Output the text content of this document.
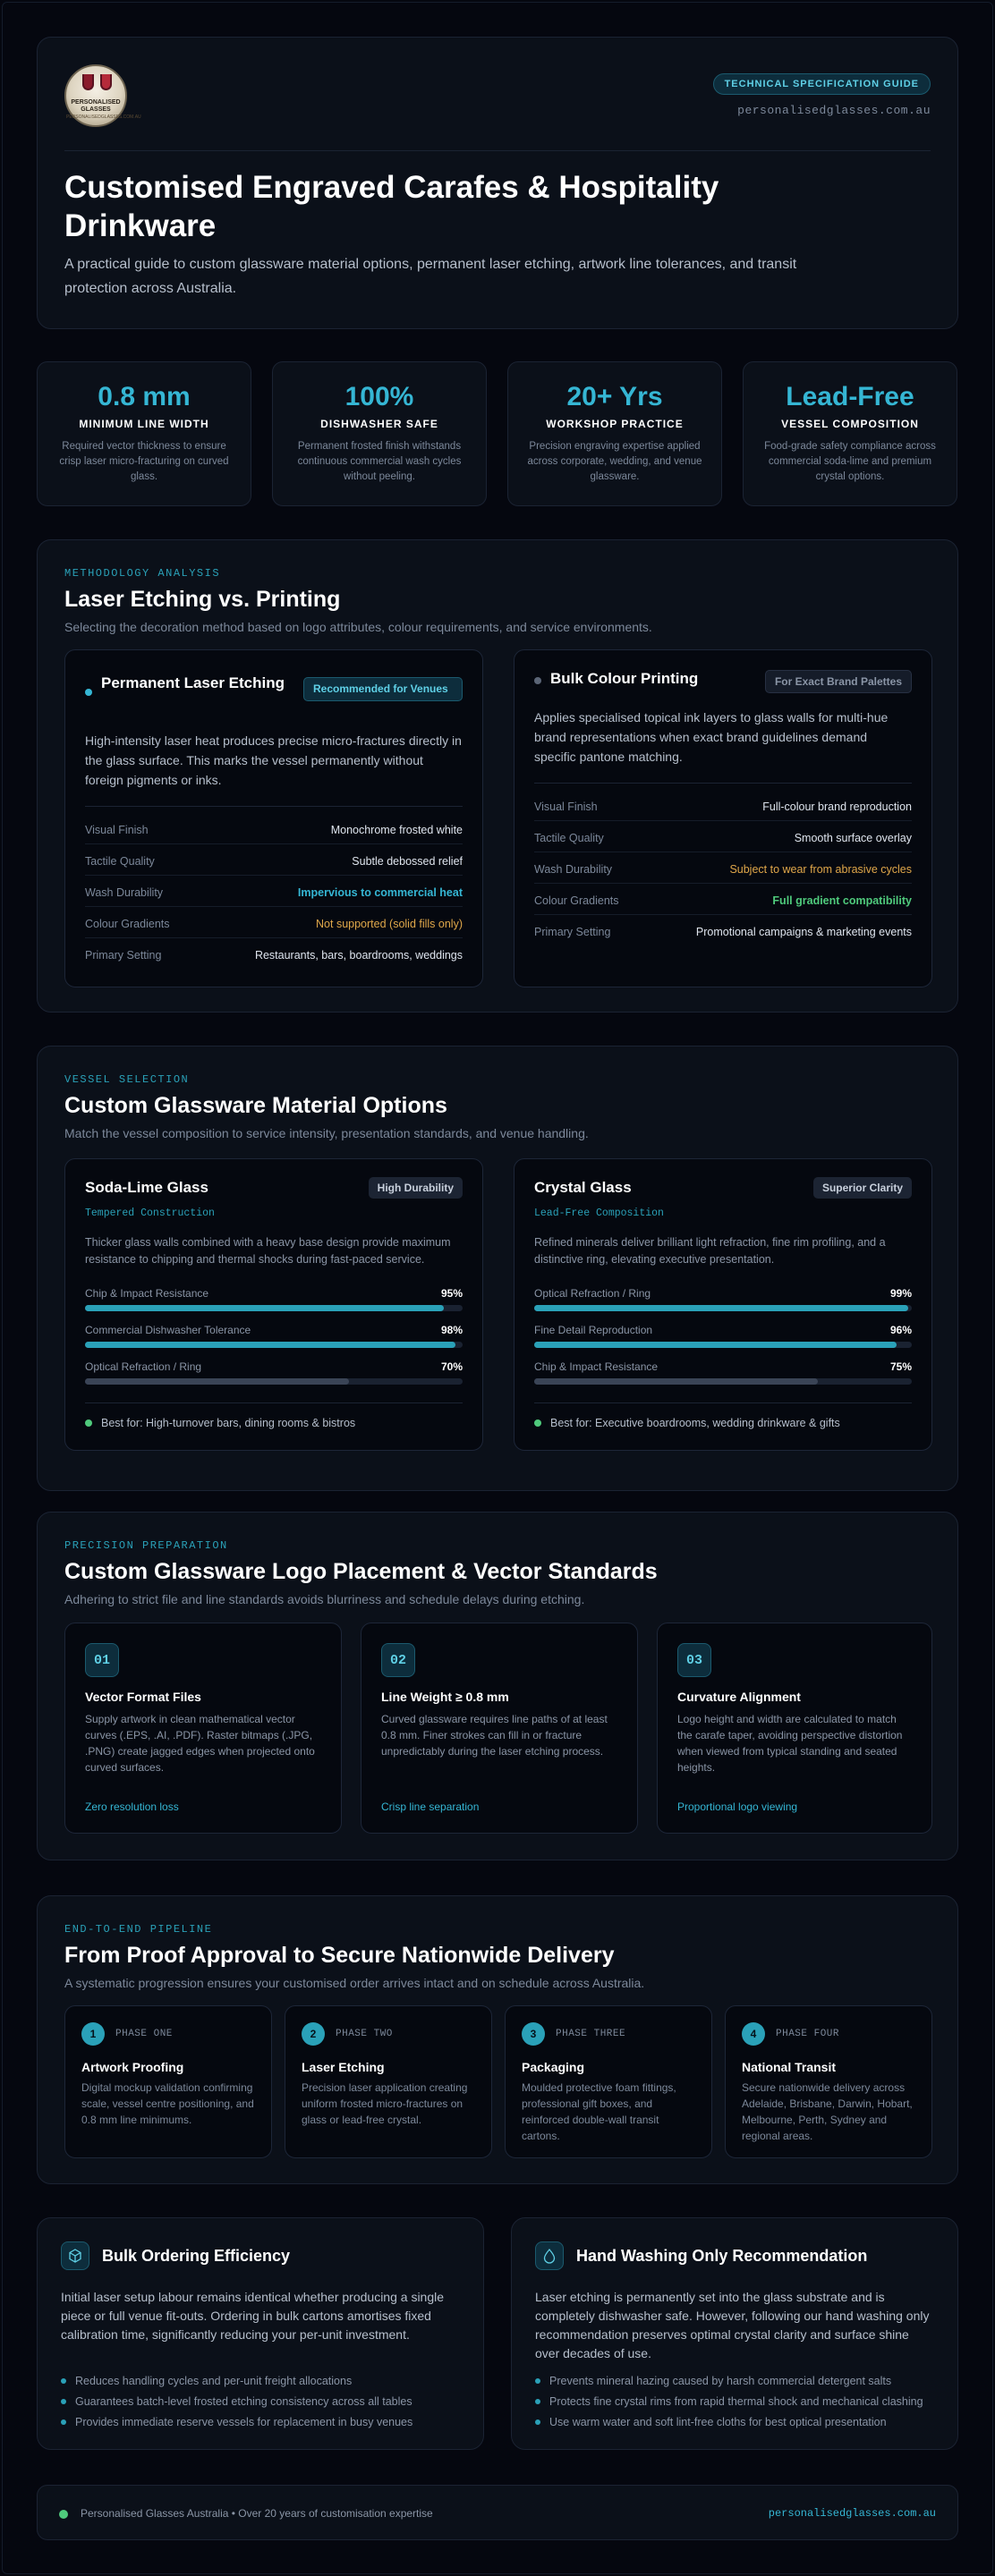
PERSONALISED
GLASSES
PERSONALISEDGLASSES.COM.AU
TECHNICAL SPECIFICATION GUIDE
personalisedglasses.com.au
Customised Engraved Carafes & Hospitality Drinkware
A practical guide to custom glassware material options, permanent laser etching, artwork line tolerances, and transit protection across Australia.
0.8 mm
MINIMUM LINE WIDTH
Required vector thickness to ensure crisp laser micro-fracturing on curved glass.
100%
DISHWASHER SAFE
Permanent frosted finish withstands continuous commercial wash cycles without peeling.
20+ Yrs
WORKSHOP PRACTICE
Precision engraving expertise applied across corporate, wedding, and venue glassware.
Lead-Free
VESSEL COMPOSITION
Food-grade safety compliance across commercial soda-lime and premium crystal options.
METHODOLOGY ANALYSIS
Laser Etching vs. Printing
Selecting the decoration method based on logo attributes, colour requirements, and service environments.
Permanent Laser Etching	Recommended for Venues
High-intensity laser heat produces precise micro-fractures directly in the glass surface. This marks the vessel permanently without foreign pigments or inks.
Visual Finish	Monochrome frosted white
Tactile Quality	Subtle debossed relief
Wash Durability	Impervious to commercial heat
Colour Gradients	Not supported (solid fills only)
Primary Setting	Restaurants, bars, boardrooms, weddings
Bulk Colour Printing	For Exact Brand Palettes
Applies specialised topical ink layers to glass walls for multi-hue brand representations when exact brand guidelines demand specific pantone matching.
Visual Finish	Full-colour brand reproduction
Tactile Quality	Smooth surface overlay
Wash Durability	Subject to wear from abrasive cycles
Colour Gradients	Full gradient compatibility
Primary Setting	Promotional campaigns & marketing events
VESSEL SELECTION
Custom Glassware Material Options
Match the vessel composition to service intensity, presentation standards, and venue handling.
Soda-Lime Glass	High Durability
Tempered Construction
Thicker glass walls combined with a heavy base design provide maximum resistance to chipping and thermal shocks during fast-paced service.
Chip & Impact Resistance	95%
Commercial Dishwasher Tolerance	98%
Optical Refraction / Ring	70%
Best for: High-turnover bars, dining rooms & bistros
Crystal Glass	Superior Clarity
Lead-Free Composition
Refined minerals deliver brilliant light refraction, fine rim profiling, and a distinctive ring, elevating executive presentation.
Optical Refraction / Ring	99%
Fine Detail Reproduction	96%
Chip & Impact Resistance	75%
Best for: Executive boardrooms, wedding drinkware & gifts
PRECISION PREPARATION
Custom Glassware Logo Placement & Vector Standards
Adhering to strict file and line standards avoids blurriness and schedule delays during etching.
01
Vector Format Files
Supply artwork in clean mathematical vector curves (.EPS, .AI, .PDF). Raster bitmaps (.JPG, .PNG) create jagged edges when projected onto curved surfaces.
Zero resolution loss
02
Line Weight ≥ 0.8 mm
Curved glassware requires line paths of at least 0.8 mm. Finer strokes can fill in or fracture unpredictably during the laser etching process.
Crisp line separation
03
Curvature Alignment
Logo height and width are calculated to match the carafe taper, avoiding perspective distortion when viewed from typical standing and seated heights.
Proportional logo viewing
END-TO-END PIPELINE
From Proof Approval to Secure Nationwide Delivery
A systematic progression ensures your customised order arrives intact and on schedule across Australia.
1	PHASE ONE
Artwork Proofing
Digital mockup validation confirming scale, vessel centre positioning, and 0.8 mm line minimums.
2	PHASE TWO
Laser Etching
Precision laser application creating uniform frosted micro-fractures on glass or lead-free crystal.
3	PHASE THREE
Packaging
Moulded protective foam fittings, professional gift boxes, and reinforced double-wall transit cartons.
4	PHASE FOUR
National Transit
Secure nationwide delivery across Adelaide, Brisbane, Darwin, Hobart, Melbourne, Perth, Sydney and regional areas.
Bulk Ordering Efficiency
Initial laser setup labour remains identical whether producing a single piece or full venue fit-outs. Ordering in bulk cartons amortises fixed calibration time, significantly reducing your per-unit investment.
Reduces handling cycles and per-unit freight allocations
Guarantees batch-level frosted etching consistency across all tables
Provides immediate reserve vessels for replacement in busy venues
Hand Washing Only Recommendation
Laser etching is permanently set into the glass substrate and is completely dishwasher safe. However, following our hand washing only recommendation preserves optimal crystal clarity and surface shine over decades of use.
Prevents mineral hazing caused by harsh commercial detergent salts
Protects fine crystal rims from rapid thermal shock and mechanical clashing
Use warm water and soft lint-free cloths for best optical presentation
Personalised Glasses Australia • Over 20 years of customisation expertise	personalisedglasses.com.au
